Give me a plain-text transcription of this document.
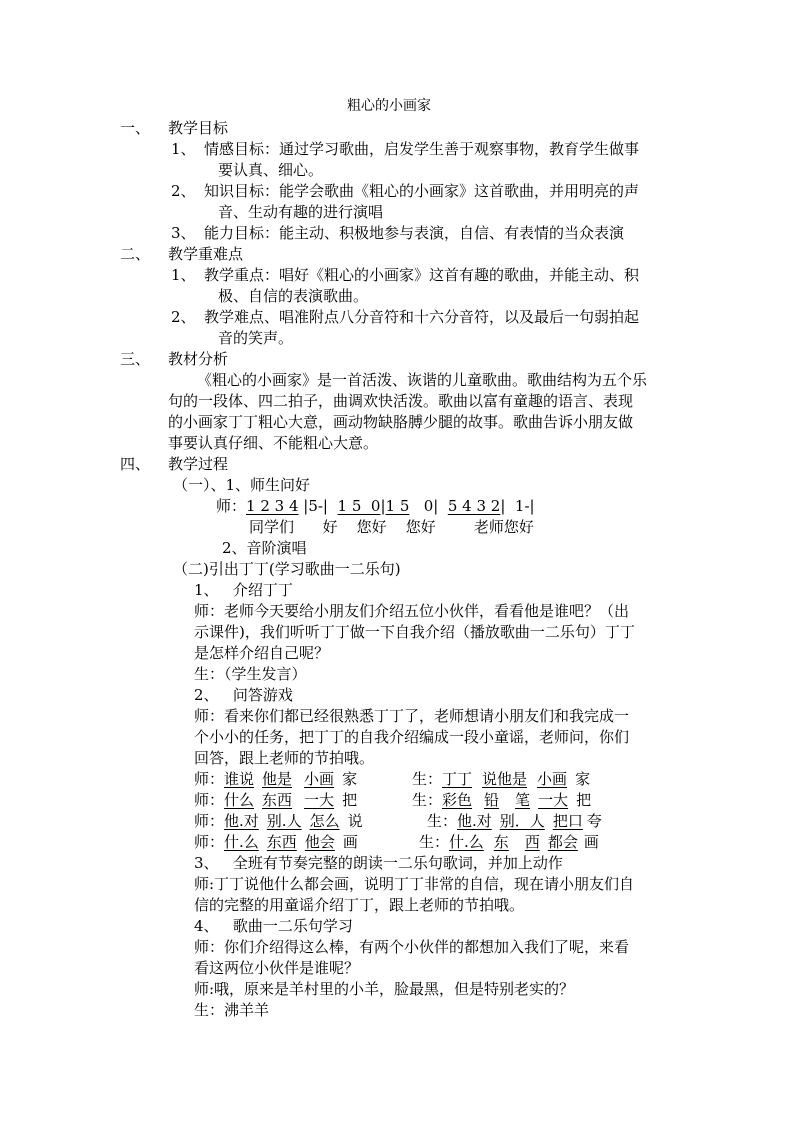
粗心的小画家
一、 教学目标
1、 情感目标：通过学习歌曲，启发学生善于观察事物，教育学生做事
要认真、细心。
2、 知识目标：能学会歌曲《粗心的小画家》这首歌曲，并用明亮的声
音、生动有趣的进行演唱
3、 能力目标：能主动、积极地参与表演，自信、有表情的当众表演
二、 教学重难点
1、 教学重点：唱好《粗心的小画家》这首有趣的歌曲，并能主动、积
极、自信的表演歌曲。
2、 教学难点、唱准附点八分音符和十六分音符，以及最后一句弱拍起
音的笑声。
三、 教材分析
《粗心的小画家》是一首活泼、诙谐的儿童歌曲。歌曲结构为五个乐
句的一段体、四二拍子，曲调欢快活泼。歌曲以富有童趣的语言、表现
的小画家丁丁粗心大意，画动物缺胳膊少腿的故事。歌曲告诉小朋友做
事要认真仔细、不能粗心大意。
四、 教学过程
（一）、1、师生问好
师：1 2 3 4 |5-|  1 5  0|1 5   0|  5 4 3 2|  1-|
同学们      好    您好    您好        老师您好
2、音阶演唱
（二)引出丁丁(学习歌曲一二乐句)
1、   介绍丁丁
师：老师今天要给小朋友们介绍五位小伙伴，看看他是谁吧？（出
示课件)，我们听听丁丁做一下自我介绍（播放歌曲一二乐句）丁丁
是怎样介绍自己呢？
生：（学生发言）
2、   问答游戏
师：看来你们都已经很熟悉丁丁了，老师想请小朋友们和我完成一
个小小的任务，把丁丁的自我介绍编成一段小童谣，老师问，你们
回答，跟上老师的节拍哦。
师：谁说 他是 小画 家	生：丁丁 说他是 小画 家
师：什么 东西 一大 把	生：彩色 铅 笔 一大 把
师：他.对 别.人 怎么 说	生：他.对 别．人 把口 夸
师：什.么 东西 他会 画	生：什.么 东 西 都会 画
3、   全班有节奏完整的朗读一二乐句歌词，并加上动作
师:丁丁说他什么都会画，说明丁丁非常的自信，现在请小朋友们自
信的完整的用童谣介绍丁丁，跟上老师的节拍哦。
4、   歌曲一二乐句学习
师：你们介绍得这么棒，有两个小伙伴的都想加入我们了呢，来看
看这两位小伙伴是谁呢？
师:哦，原来是羊村里的小羊，脸最黑，但是特别老实的？
生：沸羊羊
